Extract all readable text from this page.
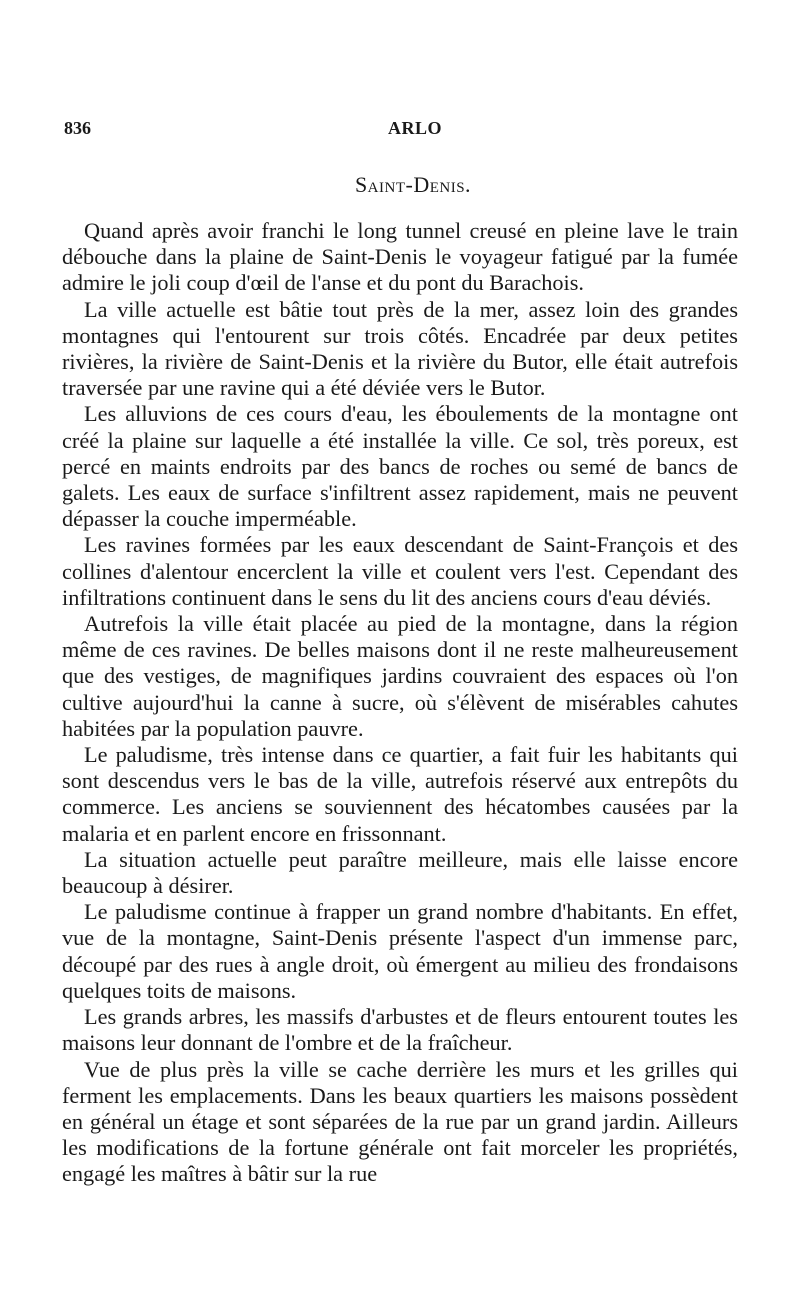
836	ARLO
Saint-Denis.

Quand après avoir franchi le long tunnel creusé en pleine lave le train débouche dans la plaine de Saint-Denis le voyageur fatigué par la fumée admire le joli coup d'œil de l'anse et du pont du Barachois.

La ville actuelle est bâtie tout près de la mer, assez loin des grandes montagnes qui l'entourent sur trois côtés. Encadrée par deux petites rivières, la rivière de Saint-Denis et la rivière du Butor, elle était autrefois traversée par une ravine qui a été déviée vers le Butor.

Les alluvions de ces cours d'eau, les éboulements de la montagne ont créé la plaine sur laquelle a été installée la ville. Ce sol, très poreux, est percé en maints endroits par des bancs de roches ou semé de bancs de galets. Les eaux de surface s'infiltrent assez rapidement, mais ne peuvent dépasser la couche imperméable.

Les ravines formées par les eaux descendant de Saint-François et des collines d'alentour encerclent la ville et coulent vers l'est. Cependant des infiltrations continuent dans le sens du lit des anciens cours d'eau déviés.

Autrefois la ville était placée au pied de la montagne, dans la région même de ces ravines. De belles maisons dont il ne reste malheureusement que des vestiges, de magnifiques jardins couvraient des espaces où l'on cultive aujourd'hui la canne à sucre, où s'élèvent de misérables cahutes habitées par la population pauvre.

Le paludisme, très intense dans ce quartier, a fait fuir les habitants qui sont descendus vers le bas de la ville, autrefois réservé aux entrepôts du commerce. Les anciens se souviennent des hécatombes causées par la malaria et en parlent encore en frissonnant.

La situation actuelle peut paraître meilleure, mais elle laisse encore beaucoup à désirer.

Le paludisme continue à frapper un grand nombre d'habitants. En effet, vue de la montagne, Saint-Denis présente l'aspect d'un immense parc, découpé par des rues à angle droit, où émergent au milieu des frondaisons quelques toits de maisons.

Les grands arbres, les massifs d'arbustes et de fleurs entourent toutes les maisons leur donnant de l'ombre et de la fraîcheur.

Vue de plus près la ville se cache derrière les murs et les grilles qui ferment les emplacements. Dans les beaux quartiers les maisons possèdent en général un étage et sont séparées de la rue par un grand jardin. Ailleurs les modifications de la fortune générale ont fait morceler les propriétés, engagé les maîtres à bâtir sur la rue
